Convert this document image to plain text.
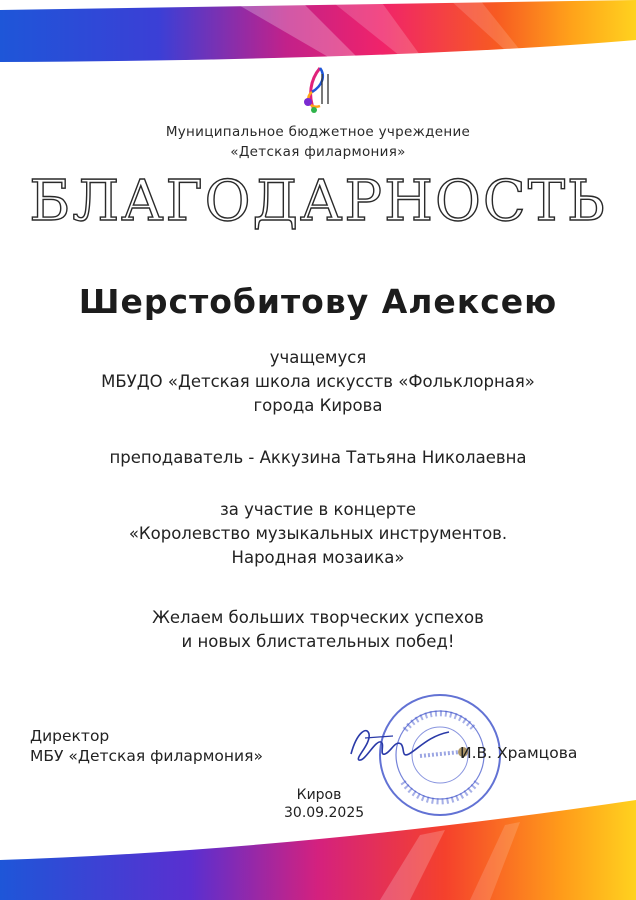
Муниципальное бюджетное учреждение
«Детская филармония»
БЛАГОДАРНОСТЬ
Шерстобитову Алексею
учащемуся
МБУДО «Детская школа искусств «Фольклорная»
города Кирова
преподаватель - Аккузина Татьяна Николаевна
за участие в концерте
«Королевство музыкальных инструментов.
Народная мозаика»
Желаем больших творческих успехов
и новых блистательных побед!
Директор
МБУ «Детская филармония»	И.В. Храмцова
Киров
30.09.2025
